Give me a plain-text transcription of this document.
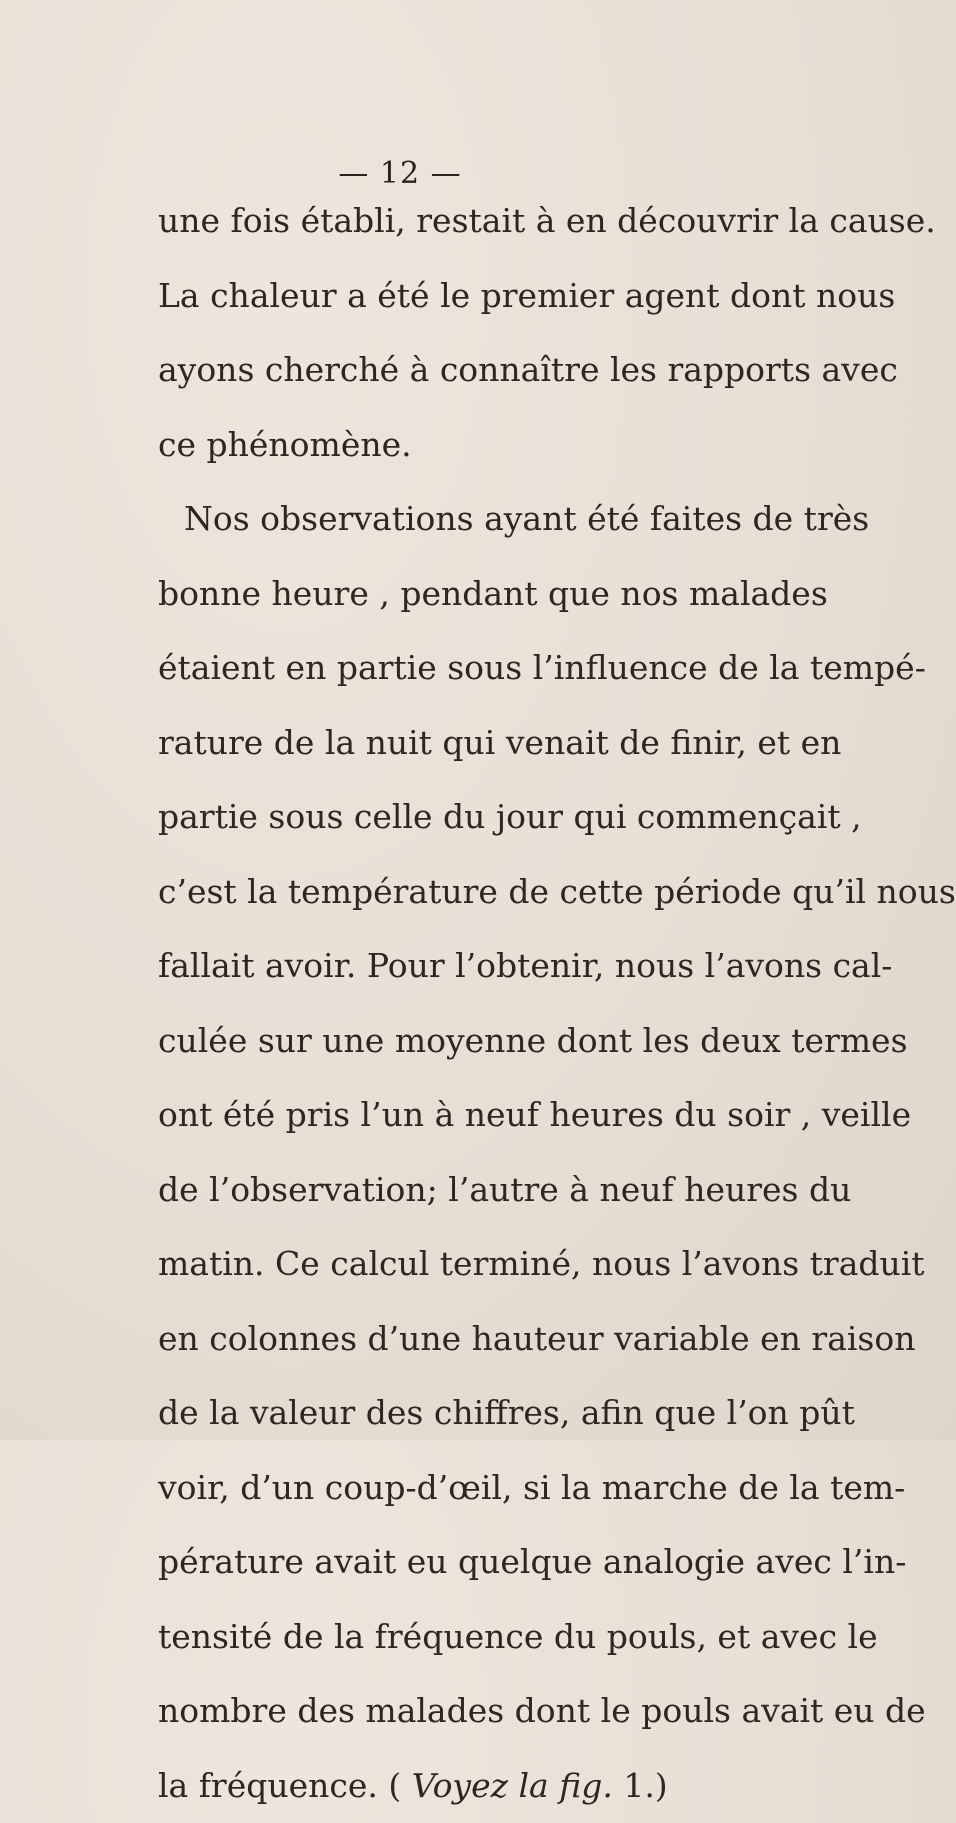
— 12 —
une fois établi, restait à en découvrir la cause.
La chaleur a été le premier agent dont nous
ayons cherché à connaître les rapports avec
ce phénomène.
Nos observations ayant été faites de très
bonne heure , pendant que nos malades
étaient en partie sous l’influence de la tempé-
rature de la nuit qui venait de finir, et en
partie sous celle du jour qui commençait ,
c’est la température de cette période qu’il nous
fallait avoir. Pour l’obtenir, nous l’avons cal-
culée sur une moyenne dont les deux termes
ont été pris l’un à neuf heures du soir , veille
de l’observation; l’autre à neuf heures du
matin. Ce calcul terminé, nous l’avons traduit
en colonnes d’une hauteur variable en raison
de la valeur des chiffres, afin que l’on pût
voir, d’un coup-d’œil, si la marche de la tem-
pérature avait eu quelque analogie avec l’in-
tensité de la fréquence du pouls, et avec le
nombre des malades dont le pouls avait eu de
la fréquence. ( Voyez la fig. 1.)
